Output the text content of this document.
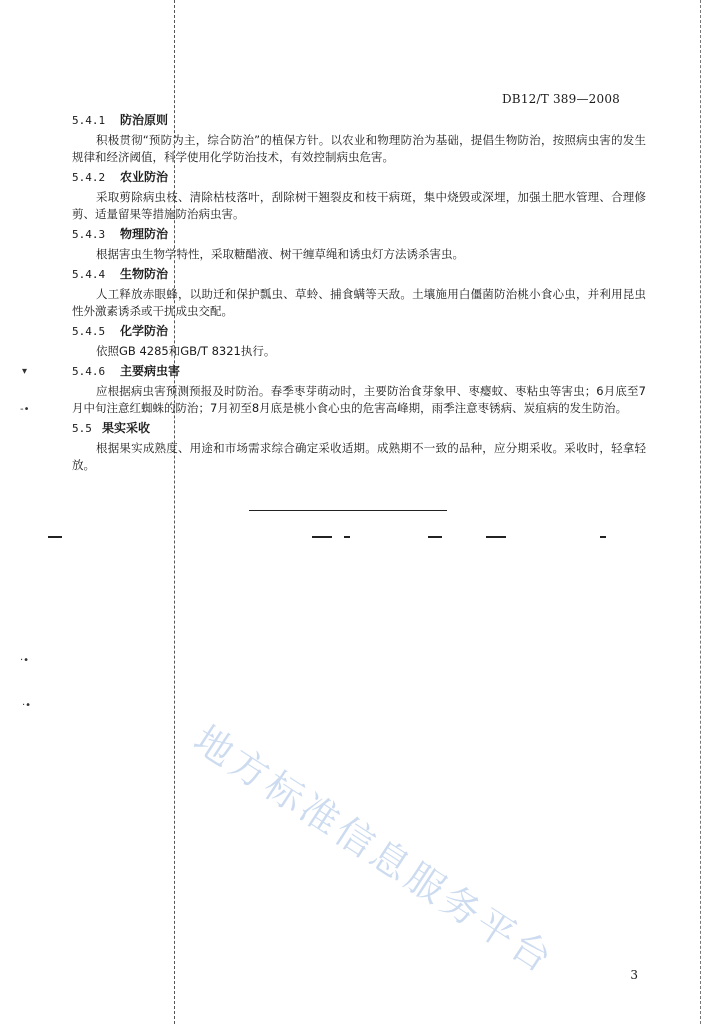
▾
-•
·•
·•
DB12/T 389—2008
5.4.1 防治原则

积极贯彻“预防为主，综合防治”的植保方针。以农业和物理防治为基础，提倡生物防治，按照病虫害的发生规律和经济阈值，科学使用化学防治技术，有效控制病虫危害。

5.4.2 农业防治

采取剪除病虫枝、清除枯枝落叶，刮除树干翘裂皮和枝干病斑，集中烧毁或深埋，加强土肥水管理、合理修剪、适量留果等措施防治病虫害。

5.4.3 物理防治

根据害虫生物学特性，采取糖醋液、树干缠草绳和诱虫灯方法诱杀害虫。

5.4.4 生物防治

人工释放赤眼蜂，以助迁和保护瓢虫、草蛉、捕食螨等天敌。土壤施用白僵菌防治桃小食心虫，并利用昆虫性外激素诱杀或干扰成虫交配。

5.4.5 化学防治

依照GB 4285和GB/T 8321执行。

5.4.6 主要病虫害

应根据病虫害预测预报及时防治。春季枣芽萌动时，主要防治食芽象甲、枣瘿蚊、枣粘虫等害虫；6月底至7月中旬注意红蜘蛛的防治；7月初至8月底是桃小食心虫的危害高峰期，雨季注意枣锈病、炭疽病的发生防治。

5.5 果实采收

根据果实成熟度、用途和市场需求综合确定采收适期。成熟期不一致的品种，应分期采收。采收时，轻拿轻放。

地方标准信息服务平台	3
